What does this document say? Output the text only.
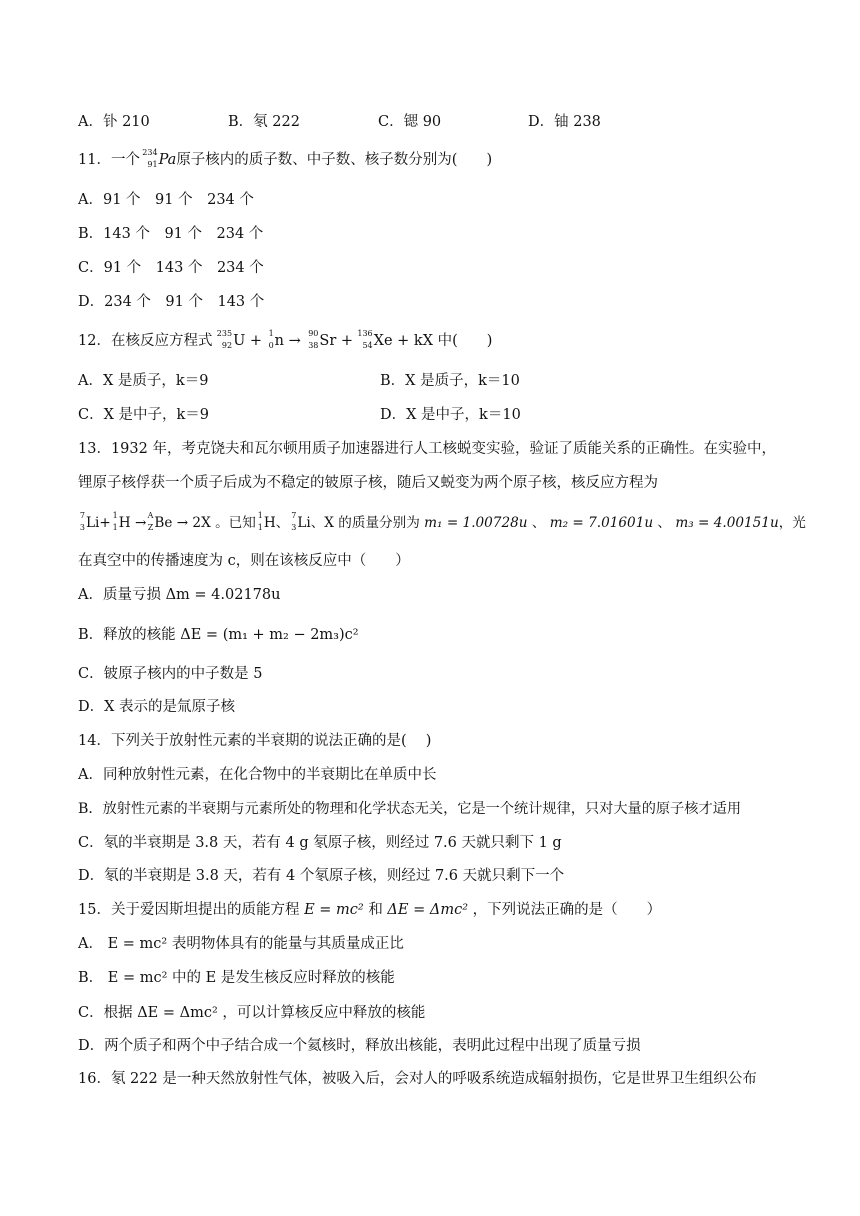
A．钋 210	B．氡 222	C．锶 90	D．铀 238
11．一个 234
91 Pa原子核内的质子数、中子数、核子数分别为(　　)
A．91 个　91 个　234 个
B．143 个　91 个　234 个
C．91 个　143 个　234 个
D．234 个　91 个　143 个
12．在核反应方程式 235
92 U + 1
0 n → 90
38 Sr + 136
54 Xe + kX 中(　　)
A．X 是质子，k＝9	B．X 是质子，k＝10
C．X 是中子，k＝9	D．X 是中子，k＝10
13．1932 年，考克饶夫和瓦尔顿用质子加速器进行人工核蜕变实验，验证了质能关系的正确性。在实验中，
锂原子核俘获一个质子后成为不稳定的铍原子核，随后又蜕变为两个原子核，核反应方程为
7
3 Li+ 1
1 H → A
Z Be → 2X 。已知 1
1 H、 7
3 Li、X 的质量分别为 m₁ = 1.00728u 、 m₂ = 7.01601u 、 m₃ = 4.00151u，光
在真空中的传播速度为 c，则在该核反应中（　　）
A．质量亏损 Δm = 4.02178u
B．释放的核能 ΔE = (m₁ + m₂ − 2m₃)c²
C．铍原子核内的中子数是 5
D．X 表示的是氚原子核
14．下列关于放射性元素的半衰期的说法正确的是(　 )
A．同种放射性元素，在化合物中的半衰期比在单质中长
B．放射性元素的半衰期与元素所处的物理和化学状态无关，它是一个统计规律，只对大量的原子核才适用
C．氡的半衰期是 3.8 天，若有 4 g 氡原子核，则经过 7.6 天就只剩下 1 g
D．氡的半衰期是 3.8 天，若有 4 个氡原子核，则经过 7.6 天就只剩下一个
15．关于爱因斯坦提出的质能方程 E = mc² 和 ΔE = Δmc² ，下列说法正确的是（　　）
A． E = mc² 表明物体具有的能量与其质量成正比
B． E = mc² 中的 E 是发生核反应时释放的核能
C．根据 ΔE = Δmc² ，可以计算核反应中释放的核能
D．两个质子和两个中子结合成一个氦核时，释放出核能，表明此过程中出现了质量亏损
16．氡 222 是一种天然放射性气体，被吸入后，会对人的呼吸系统造成辐射损伤，它是世界卫生组织公布
